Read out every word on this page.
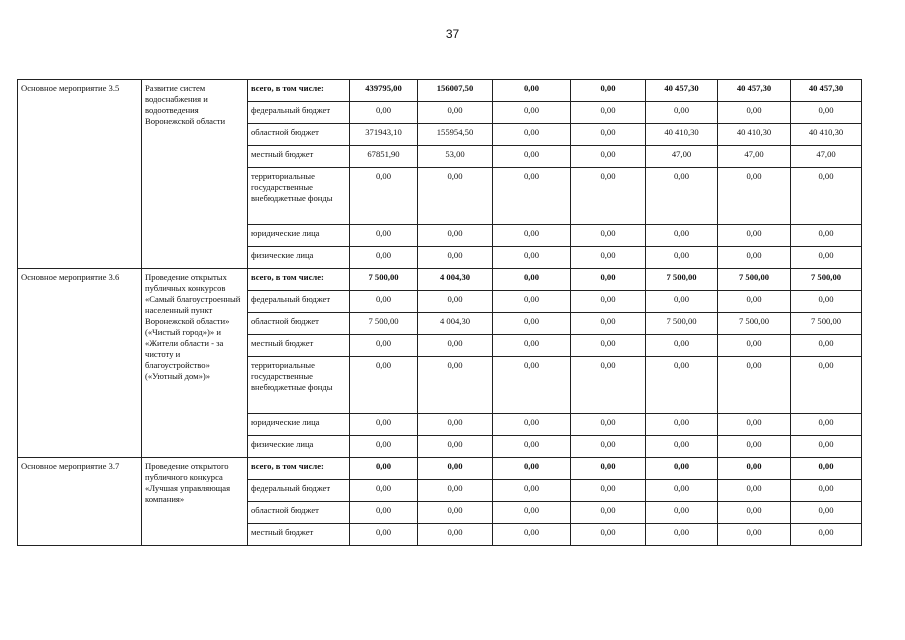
37
Основное мероприятие 3.5	Развитие систем водоснабжения и водоотведения Воронежской области	всего, в том числе:	439795,00	156007,50	0,00	0,00	40 457,30	40 457,30	40 457,30
		федеральный бюджет	0,00	0,00	0,00	0,00	0,00	0,00	0,00
		областной бюджет	371943,10	155954,50	0,00	0,00	40 410,30	40 410,30	40 410,30
		местный бюджет	67851,90	53,00	0,00	0,00	47,00	47,00	47,00
		территориальные государственные внебюджетные фонды	0,00	0,00	0,00	0,00	0,00	0,00	0,00
		юридические лица	0,00	0,00	0,00	0,00	0,00	0,00	0,00
		физические лица	0,00	0,00	0,00	0,00	0,00	0,00	0,00
Основное мероприятие 3.6	Проведение открытых публичных конкурсов «Самый благоустроенный населенный пункт Воронежской области» («Чистый город»)» и «Жители области - за чистоту и благоустройство» («Уютный дом»)»	всего, в том числе:	7 500,00	4 004,30	0,00	0,00	7 500,00	7 500,00	7 500,00
		федеральный бюджет	0,00	0,00	0,00	0,00	0,00	0,00	0,00
		областной бюджет	7 500,00	4 004,30	0,00	0,00	7 500,00	7 500,00	7 500,00
		местный бюджет	0,00	0,00	0,00	0,00	0,00	0,00	0,00
		территориальные государственные внебюджетные фонды	0,00	0,00	0,00	0,00	0,00	0,00	0,00
		юридические лица	0,00	0,00	0,00	0,00	0,00	0,00	0,00
		физические лица	0,00	0,00	0,00	0,00	0,00	0,00	0,00
Основное мероприятие 3.7	Проведение открытого публичного конкурса «Лучшая управляющая компания»	всего, в том числе:	0,00	0,00	0,00	0,00	0,00	0,00	0,00
		федеральный бюджет	0,00	0,00	0,00	0,00	0,00	0,00	0,00
		областной бюджет	0,00	0,00	0,00	0,00	0,00	0,00	0,00
		местный бюджет	0,00	0,00	0,00	0,00	0,00	0,00	0,00
